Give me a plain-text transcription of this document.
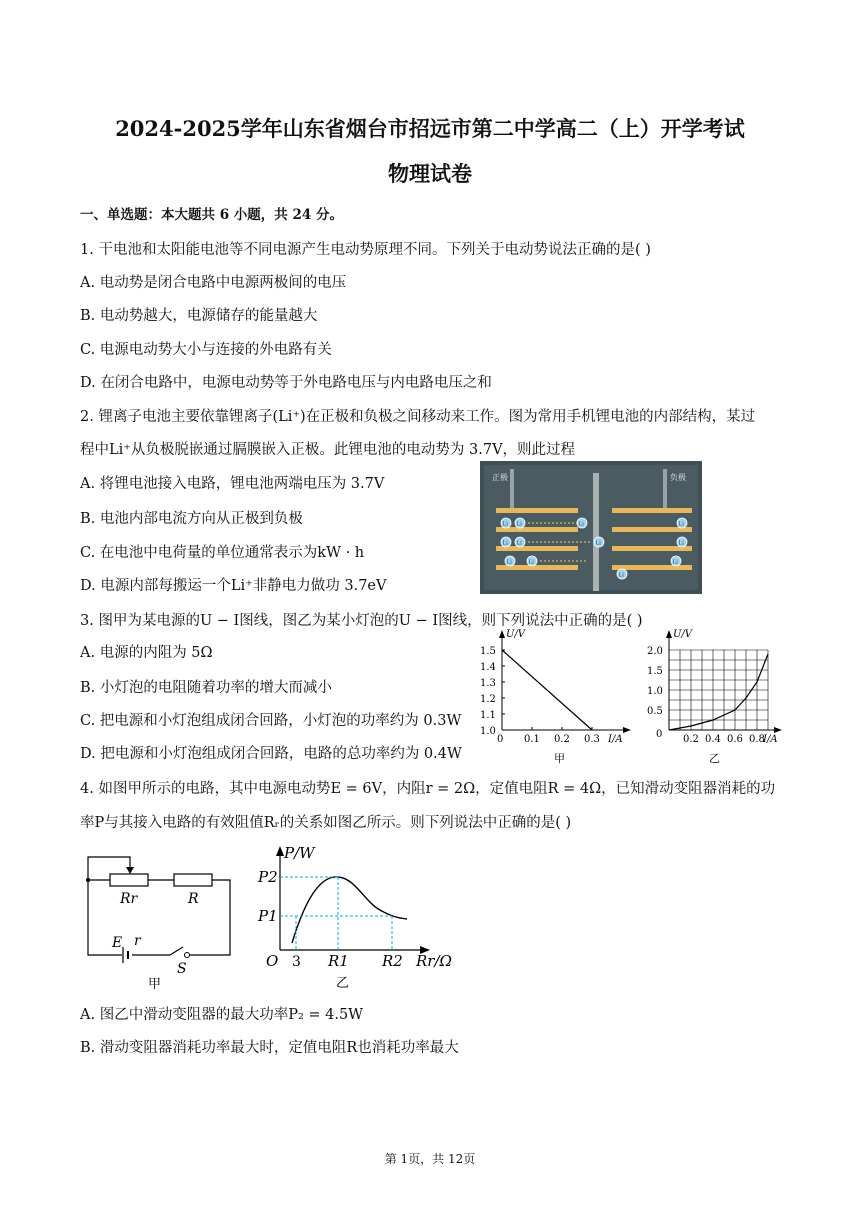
2024-2025学年山东省烟台市招远市第二中学高二（上）开学考试
物理试卷
一、单选题：本大题共 6 小题，共 24 分。
1. 干电池和太阳能电池等不同电源产生电动势原理不同。下列关于电动势说法正确的是( )
A. 电动势是闭合电路中电源两极间的电压
B. 电动势越大，电源储存的能量越大
C. 电源电动势大小与连接的外电路有关
D. 在闭合电路中，电源电动势等于外电路电压与内电路电压之和
2. 锂离子电池主要依靠锂离子(Li⁺)在正极和负极之间移动来工作。图为常用手机锂电池的内部结构，某过
程中Li⁺从负极脱嵌通过膈膜嵌入正极。此锂电池的电动势为 3.7V，则此过程
A. 将锂电池接入电路，锂电池两端电压为 3.7V
B. 电池内部电流方向从正极到负极
C. 在电池中电荷量的单位通常表示为kW · h
D. 电源内部每搬运一个Li⁺非静电力做功 3.7eV
正极	负极
Li Li
Li Li
Li	Li
Li
Li
Li
Li
Li
Li
3. 图甲为某电源的U − I图线，图乙为某小灯泡的U − I图线，则下列说法中正确的是( )
A. 电源的内阻为 5Ω
B. 小灯泡的电阻随着功率的增大而减小
C. 把电源和小灯泡组成闭合回路，小灯泡的功率约为 0.3W
D. 把电源和小灯泡组成闭合回路，电路的总功率约为 0.4W
U/V
I/A
0
甲
1.5
1.4
1.3
1.2
1.1
1.0
0.1 0.2 0.3
U/V
I/A
0
乙
2.0
1.5
1.0
0.5
0.2 0.4 0.6 0.8
4. 如图甲所示的电路，其中电源电动势E = 6V，内阻r = 2Ω，定值电阻R = 4Ω，已知滑动变阻器消耗的功
率P与其接入电路的有效阻值Rᵣ的关系如图乙所示。则下列说法中正确的是( )
Rr	R
E r
S
甲
P/W
Rr/Ω
P2
P1
O 3 R1 R2
乙
A. 图乙中滑动变阻器的最大功率P₂ = 4.5W
B. 滑动变阻器消耗功率最大时，定值电阻R也消耗功率最大
第 1页，共 12页
